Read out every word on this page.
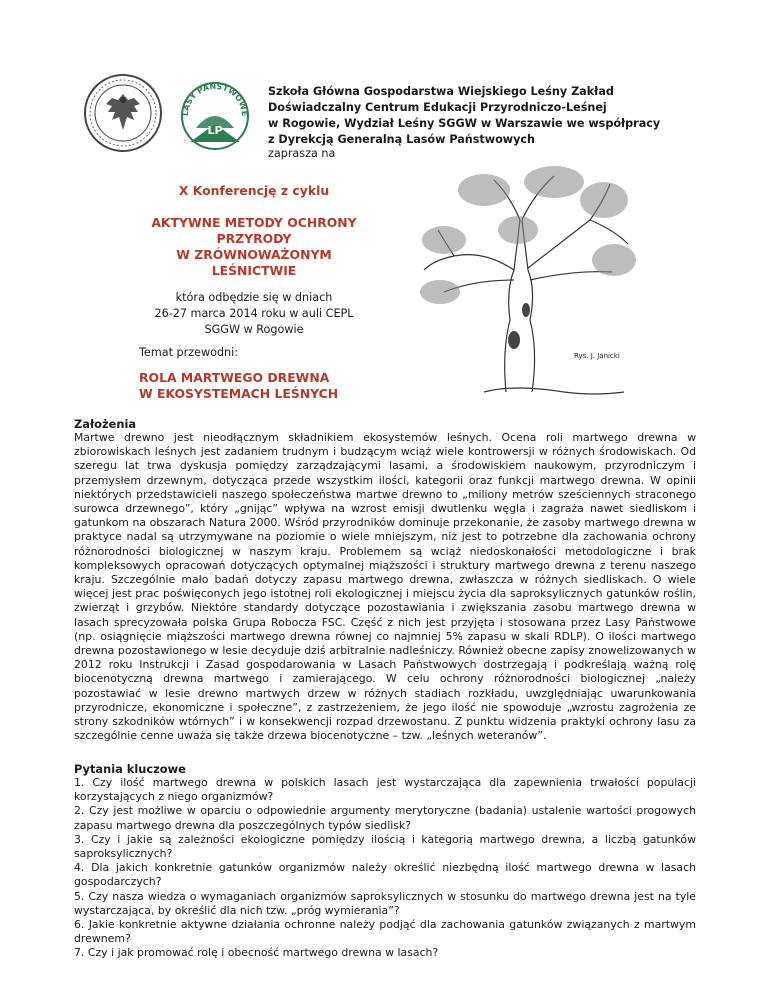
LASY PAŃSTWOWE
LP
Szkoła Główna Gospodarstwa Wiejskiego Leśny Zakład
Doświadczalny Centrum Edukacji Przyrodniczo-Leśnej
w Rogowie, Wydział Leśny SGGW w Warszawie we współpracy
z Dyrekcją Generalną Lasów Państwowych
zaprasza na
X Konferencję z cyklu
AKTYWNE METODY OCHRONY
PRZYRODY
W ZRÓWNOWAŻONYM
LEŚNICTWIE
która odbędzie się w dniach
26-27 marca 2014 roku w auli CEPL
SGGW w Rogowie
Temat przewodni:
ROLA MARTWEGO DREWNA
W EKOSYSTEMACH LEŚNYCH
Rys. J. Janicki
Założenia
Martwe drewno jest nieodłącznym składnikiem ekosystemów leśnych. Ocena roli martwego drewna w zbiorowiskach leśnych jest zadaniem trudnym i budzącym wciąż wiele kontrowersji w różnych środowiskach. Od szeregu lat trwa dyskusja pomiędzy zarządzającymi lasami, a środowiskiem naukowym, przyrodniczym i przemysłem drzewnym, dotycząca przede wszystkim ilości, kategorii oraz funkcji martwego drewna. W opinii niektórych przedstawicieli naszego społeczeństwa martwe drewno to „miliony metrów sześciennych straconego surowca drzewnego”, który „gnijąc” wpływa na wzrost emisji dwutlenku węgla i zagraża nawet siedliskom i gatunkom na obszarach Natura 2000. Wśród przyrodników dominuje przekonanie, że zasoby martwego drewna w praktyce nadal są utrzymywane na poziomie o wiele mniejszym, niż jest to potrzebne dla zachowania ochrony różnorodności biologicznej w naszym kraju. Problemem są wciąż niedoskonałości metodologiczne i brak kompleksowych opracowań dotyczących optymalnej miąższości i struktury martwego drewna z terenu naszego kraju. Szczególnie mało badań dotyczy zapasu martwego drewna, zwłaszcza w różnych siedliskach. O wiele więcej jest prac poświęconych jego istotnej roli ekologicznej i miejscu życia dla saproksylicznych gatunków roślin, zwierząt i grzybów. Niektóre standardy dotyczące pozostawiania i zwiększania zasobu martwego drewna w lasach sprecyzowała polska Grupa Robocza FSC. Część z nich jest przyjęta i stosowana przez Lasy Państwowe (np. osiągnięcie miąższości martwego drewna równej co najmniej 5% zapasu w skali RDLP). O ilości martwego drewna pozostawionego w lesie decyduje dziś arbitralnie nadleśniczy. Również obecne zapisy znowelizowanych w 2012 roku Instrukcji i Zasad gospodarowania w Lasach Państwowych dostrzegają i podkreślają ważną rolę biocenotyczną drewna martwego i zamierającego. W celu ochrony różnorodności biologicznej „należy pozostawiać w lesie drewno martwych drzew w różnych stadiach rozkładu, uwzględniając uwarunkowania przyrodnicze, ekonomiczne i społeczne”, z zastrzeżeniem, że jego ilość nie spowoduje „wzrostu zagrożenia ze strony szkodników wtórnych” i w konsekwencji rozpad drzewostanu. Z punktu widzenia praktyki ochrony lasu za szczególnie cenne uważa się także drzewa biocenotyczne – tzw. „leśnych weteranów”.
Pytania kluczowe
1. Czy ilość martwego drewna w polskich lasach jest wystarczająca dla zapewnienia trwałości populacji korzystających z niego organizmów?
2. Czy jest możliwe w oparciu o odpowiednie argumenty merytoryczne (badania) ustalenie wartości progowych zapasu martwego drewna dla poszczególnych typów siedlisk?
3. Czy i jakie są zależności ekologiczne pomiędzy ilością i kategorią martwego drewna, a liczbą gatunków saproksylicznych?
4. Dla jakich konkretnie gatunków organizmów należy określić niezbędną ilość martwego drewna w lasach gospodarczych?
5. Czy nasza wiedza o wymaganiach organizmów saproksylicznych w stosunku do martwego drewna jest na tyle wystarczająca, by określić dla nich tzw. „próg wymierania”?
6. Jakie konkretnie aktywne działania ochronne należy podjąć dla zachowania gatunków związanych z martwym drewnem?
7. Czy i jak promować rolę i obecność martwego drewna w lasach?
